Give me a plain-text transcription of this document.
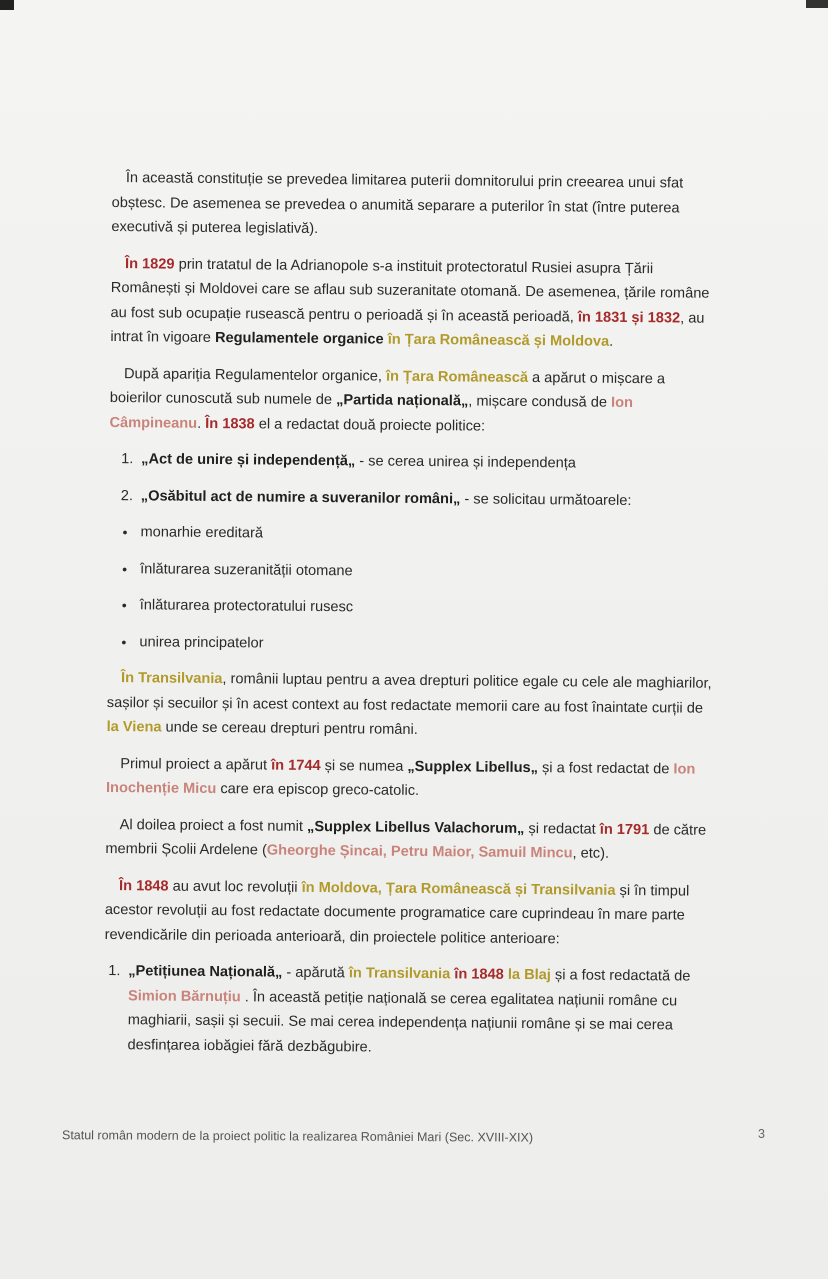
În această constituție se prevedea limitarea puterii domnitorului prin creearea unui sfat obștesc. De asemenea se prevedea o anumită separare a puterilor în stat (între puterea executivă și puterea legislativă).

În 1829 prin tratatul de la Adrianopole s-a instituit protectoratul Rusiei asupra Țării Românești și Moldovei care se aflau sub suzeranitate otomană. De asemenea, țările române au fost sub ocupație rusească pentru o perioadă și în această perioadă, în 1831 și 1832, au intrat în vigoare Regulamentele organice în Țara Românească și Moldova.

După apariția Regulamentelor organice, în Țara Românească a apărut o mișcare a boierilor cunoscută sub numele de „Partida națională„, mișcare condusă de Ion Câmpineanu. În 1838 el a redactat două proiecte politice:

1. „Act de unire și independență„ - se cerea unirea și independența
2. „Osăbitul act de numire a suveranilor români„ - se solicitau următoarele:
• monarhie ereditară
• înlăturarea suzeranității otomane
• înlăturarea protectoratului rusesc
• unirea principatelor

În Transilvania, românii luptau pentru a avea drepturi politice egale cu cele ale maghiarilor, sașilor și secuilor și în acest context au fost redactate memorii care au fost înaintate curții de la Viena unde se cereau drepturi pentru români.

Primul proiect a apărut în 1744 și se numea „Supplex Libellus„ și a fost redactat de Ion Inochenție Micu care era episcop greco-catolic.

Al doilea proiect a fost numit „Supplex Libellus Valachorum„ și redactat în 1791 de către membrii Școlii Ardelene (Gheorghe Șincai, Petru Maior, Samuil Mincu, etc).

În 1848 au avut loc revoluții în Moldova, Țara Românească și Transilvania și în timpul acestor revoluții au fost redactate documente programatice care cuprindeau în mare parte revendicările din perioada anterioară, din proiectele politice anterioare:

1. „Petițiunea Națională„ - apărută în Transilvania în 1848 la Blaj și a fost redactată de Simion Bărnuțiu . În această petiție națională se cerea egalitatea națiunii române cu maghiarii, sașii și secuii. Se mai cerea independența națiunii române și se mai cerea desfințarea iobăgiei fără dezbăgubire.
Statul român modern de la proiect politic la realizarea României Mari (Sec. XVIII-XIX)	3
